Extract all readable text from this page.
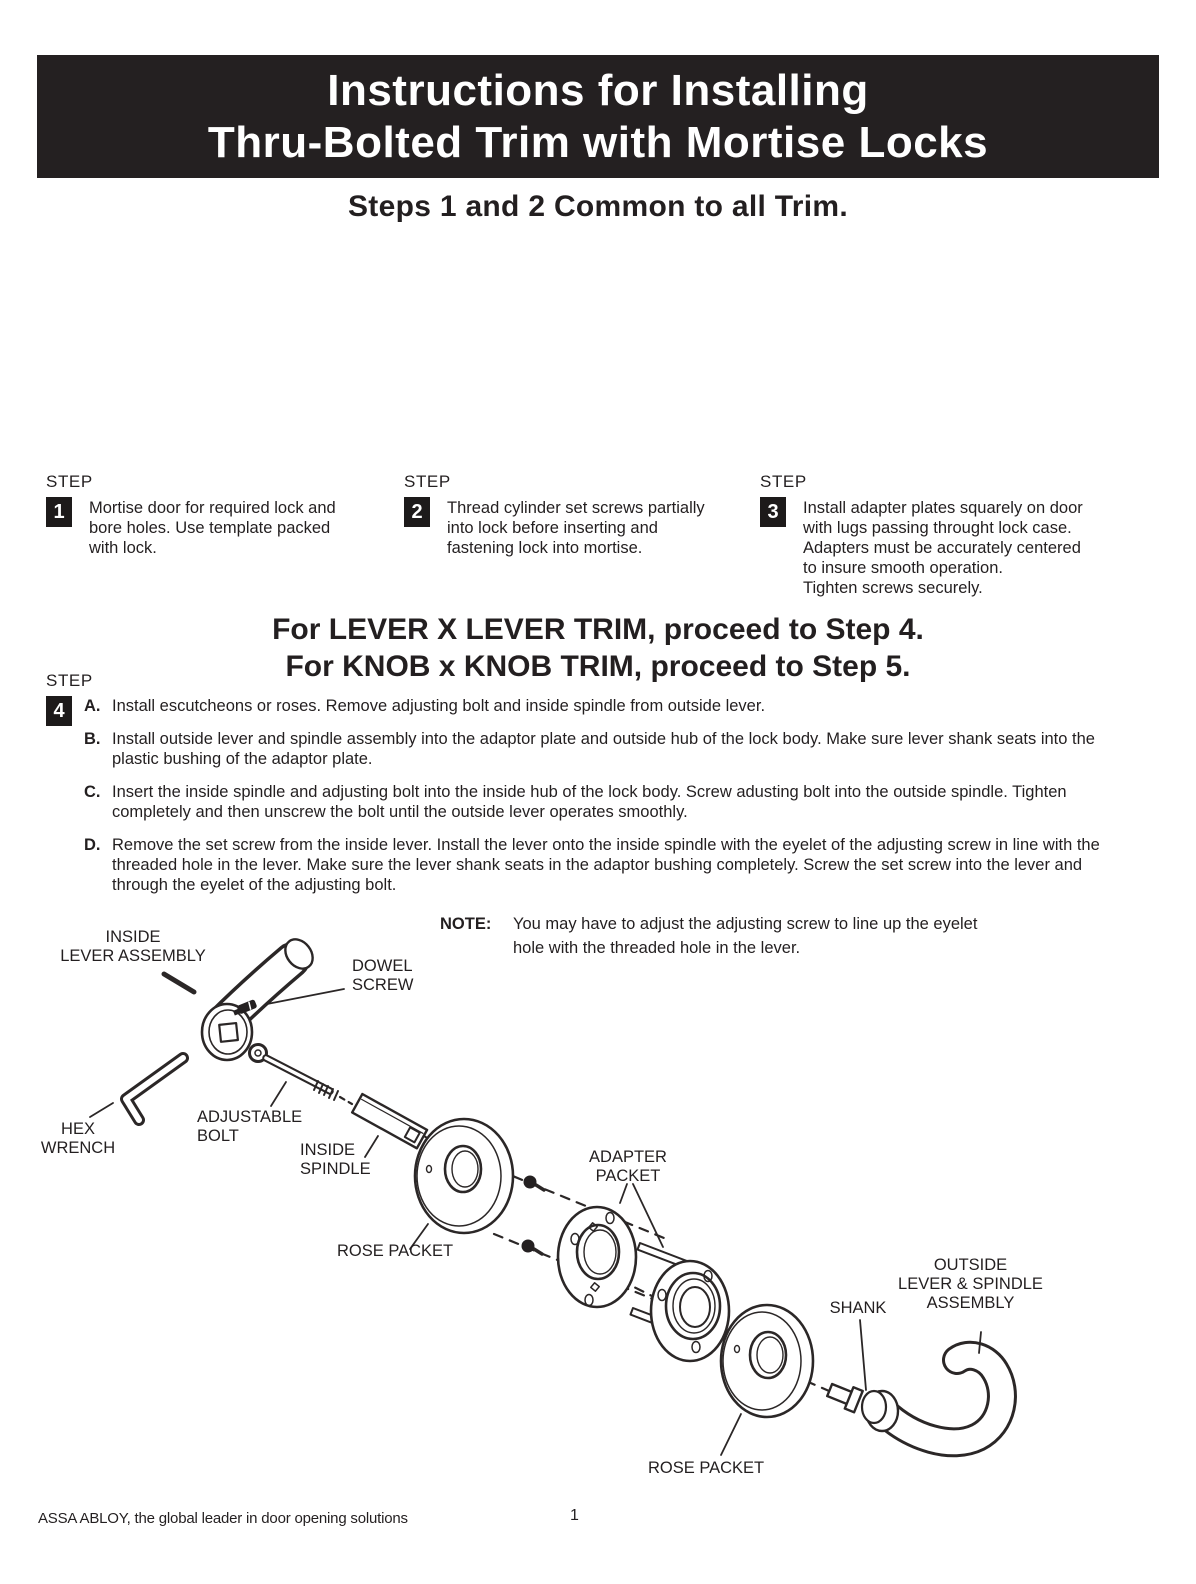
Instructions for Installing
Thru-Bolted Trim with Mortise Locks
Steps 1 and 2 Common to all Trim.
STEP
1	Mortise door for required lock and
bore holes. Use template packed
with lock.
STEP
2	Thread cylinder set screws partially
into lock before inserting and
fastening lock into mortise.
STEP
3	Install adapter plates squarely on door
with lugs passing throught lock case.
Adapters must be accurately centered
to insure smooth operation.
Tighten screws securely.
For LEVER X LEVER TRIM, proceed to Step 4.
For KNOB x KNOB TRIM, proceed to Step 5.
STEP
4	A. Install escutcheons or roses. Remove adjusting bolt and inside spindle from outside lever.
B. Install outside lever and spindle assembly into the adaptor plate and outside hub of the lock body. Make sure lever shank seats into the plastic bushing of the adaptor plate.
C. Insert the inside spindle and adjusting bolt into the inside hub of the lock body. Screw adusting bolt into the outside spindle. Tighten completely and then unscrew the bolt until the outside lever operates smoothly.
D. Remove the set screw from the inside lever. Install the lever onto the inside spindle with the eyelet of the adjusting screw in line with the threaded hole in the lever. Make sure the lever shank seats in the adaptor bushing completely. Screw the set screw into the lever and through the eyelet of the adjusting bolt.
NOTE:	You may have to adjust the adjusting screw to line up the eyelet
hole with the threaded hole in the lever.
INSIDE
LEVER ASSEMBLY
DOWEL
SCREW
ADJUSTABLE
BOLT
HEX
WRENCH	INSIDE
SPINDLE
ROSE PACKET
ADAPTER
PACKET
SHANK
OUTSIDE
LEVER & SPINDLE
ASSEMBLY
ROSE PACKET
ASSA ABLOY, the global leader in door opening solutions	1
